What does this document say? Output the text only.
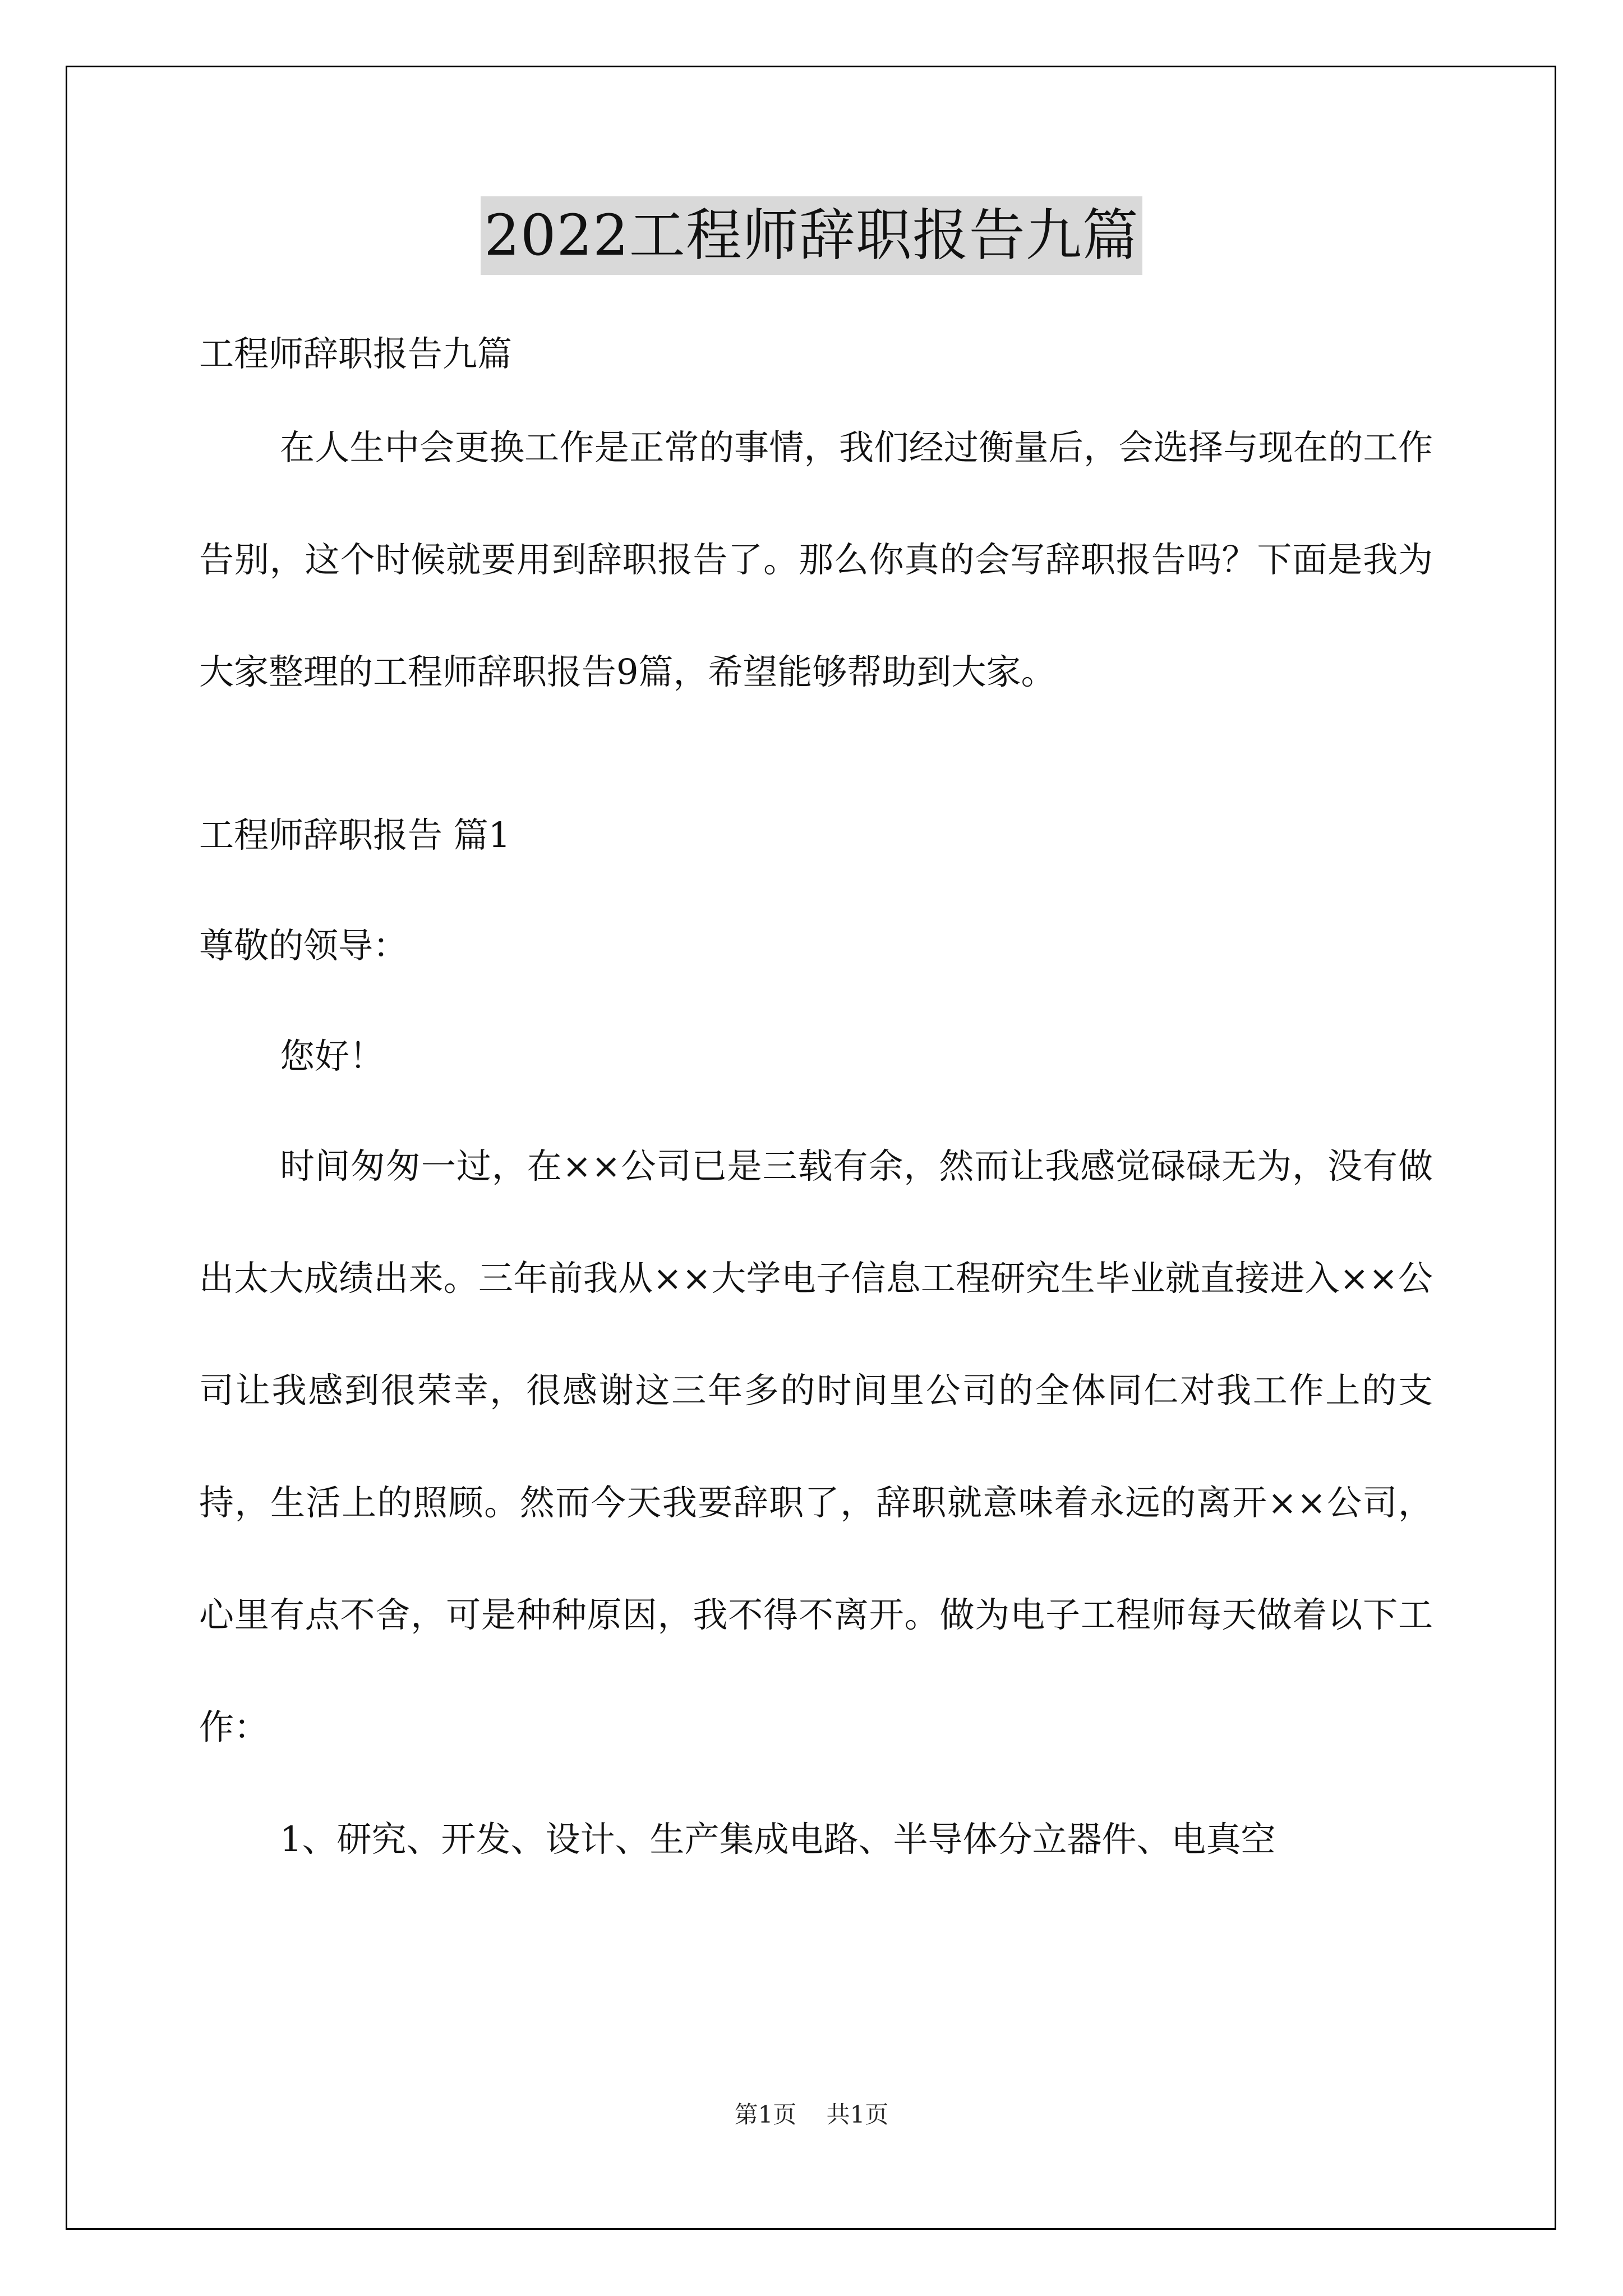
2022工程师辞职报告九篇

工程师辞职报告九篇

在人生中会更换工作是正常的事情，我们经过衡量后，会选择与现在的工作告别，这个时候就要用到辞职报告了。那么你真的会写辞职报告吗？下面是我为大家整理的工程师辞职报告9篇，希望能够帮助到大家。

工程师辞职报告 篇1

尊敬的领导：

您好！

时间匆匆一过，在××公司已是三载有余，然而让我感觉碌碌无为，没有做出太大成绩出来。三年前我从××大学电子信息工程研究生毕业就直接进入××公司让我感到很荣幸，很感谢这三年多的时间里公司的全体同仁对我工作上的支持，生活上的照顾。然而今天我要辞职了，辞职就意味着永远的离开××公司，心里有点不舍，可是种种原因，我不得不离开。做为电子工程师每天做着以下工作：

1、研究、开发、设计、生产集成电路、半导体分立器件、电真空

第1页 共1页
